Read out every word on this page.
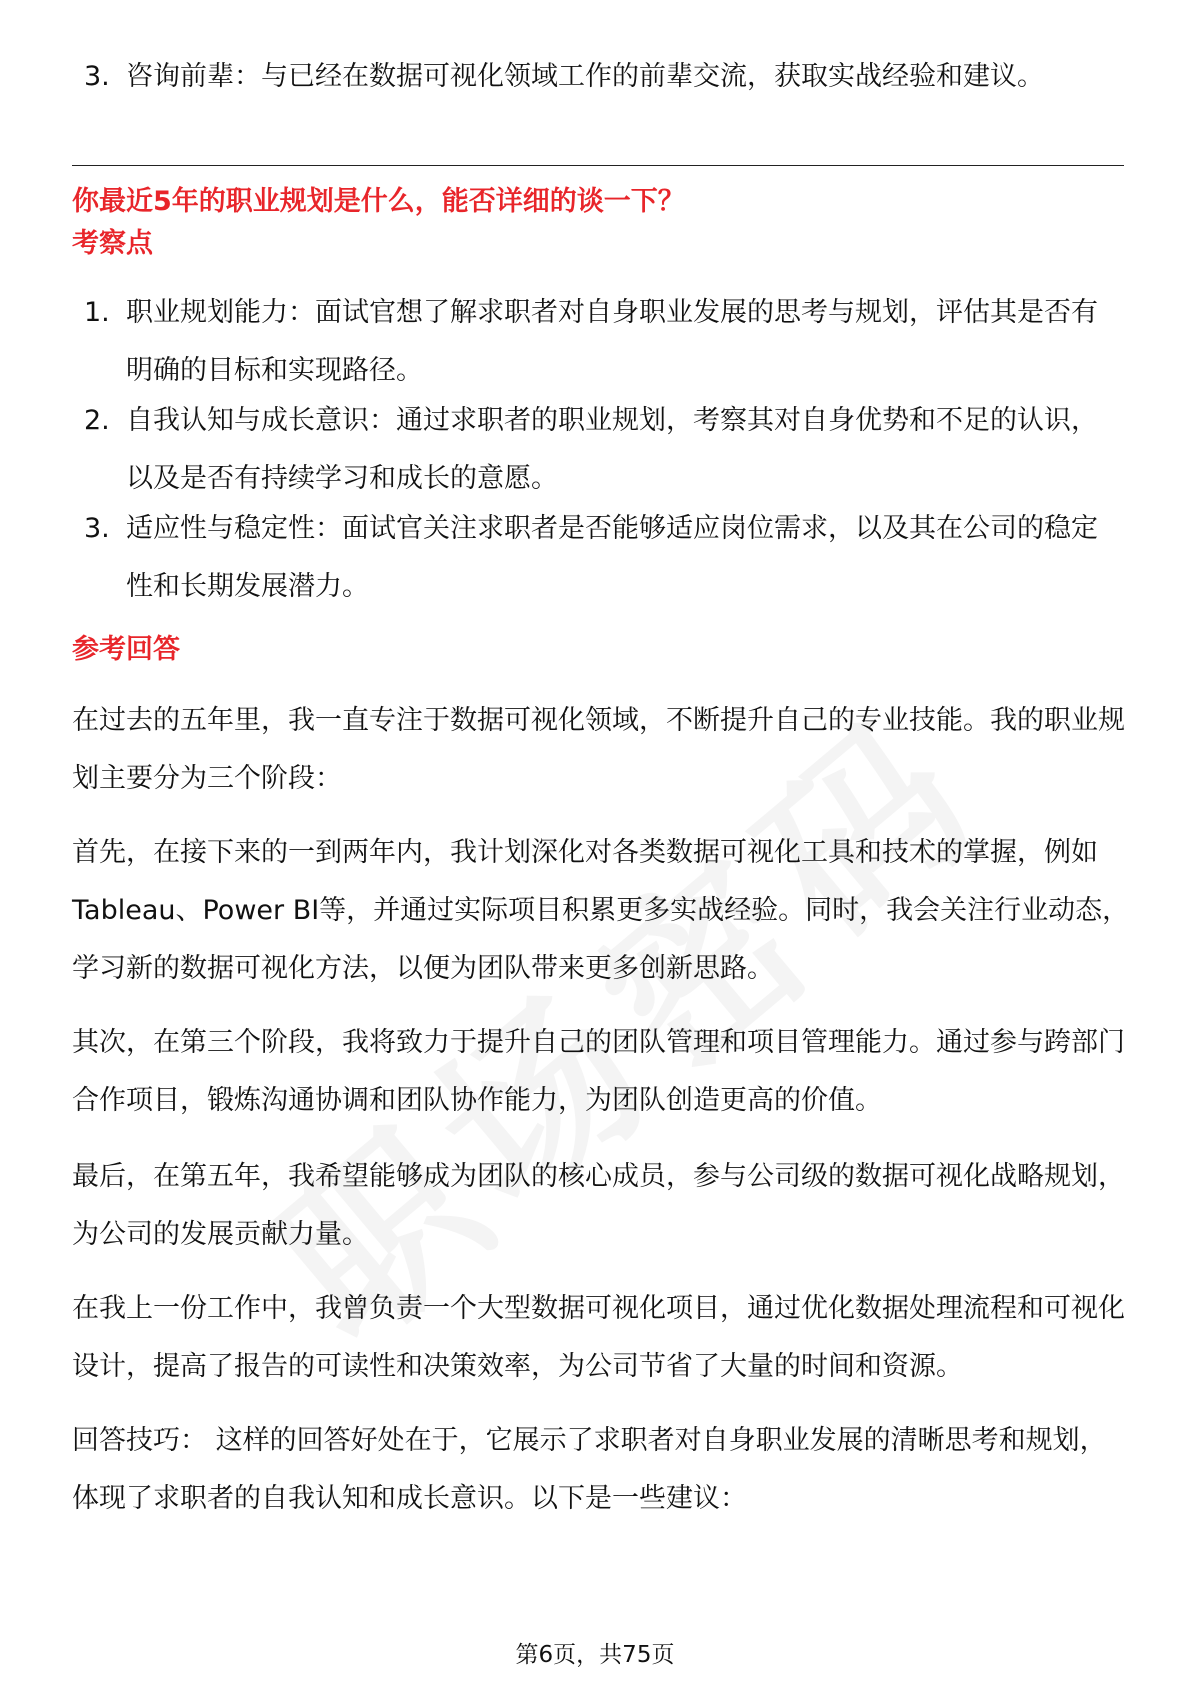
3. 咨询前辈：与已经在数据可视化领域工作的前辈交流，获取实战经验和建议。
你最近5年的职业规划是什么，能否详细的谈一下？
考察点
1. 职业规划能力：面试官想了解求职者对自身职业发展的思考与规划，评估其是否有明确的目标和实现路径。
2. 自我认知与成长意识：通过求职者的职业规划，考察其对自身优势和不足的认识，以及是否有持续学习和成长的意愿。
3. 适应性与稳定性：面试官关注求职者是否能够适应岗位需求，以及其在公司的稳定性和长期发展潜力。
参考回答
在过去的五年里，我一直专注于数据可视化领域，不断提升自己的专业技能。我的职业规划主要分为三个阶段：
首先，在接下来的一到两年内，我计划深化对各类数据可视化工具和技术的掌握，例如Tableau、Power BI等，并通过实际项目积累更多实战经验。同时，我会关注行业动态，学习新的数据可视化方法，以便为团队带来更多创新思路。
其次，在第三个阶段，我将致力于提升自己的团队管理和项目管理能力。通过参与跨部门合作项目，锻炼沟通协调和团队协作能力，为团队创造更高的价值。
最后，在第五年，我希望能够成为团队的核心成员，参与公司级的数据可视化战略规划，为公司的发展贡献力量。
在我上一份工作中，我曾负责一个大型数据可视化项目，通过优化数据处理流程和可视化设计，提高了报告的可读性和决策效率，为公司节省了大量的时间和资源。
回答技巧： 这样的回答好处在于，它展示了求职者对自身职业发展的清晰思考和规划，体现了求职者的自我认知和成长意识。以下是一些建议：
第6页，共75页
